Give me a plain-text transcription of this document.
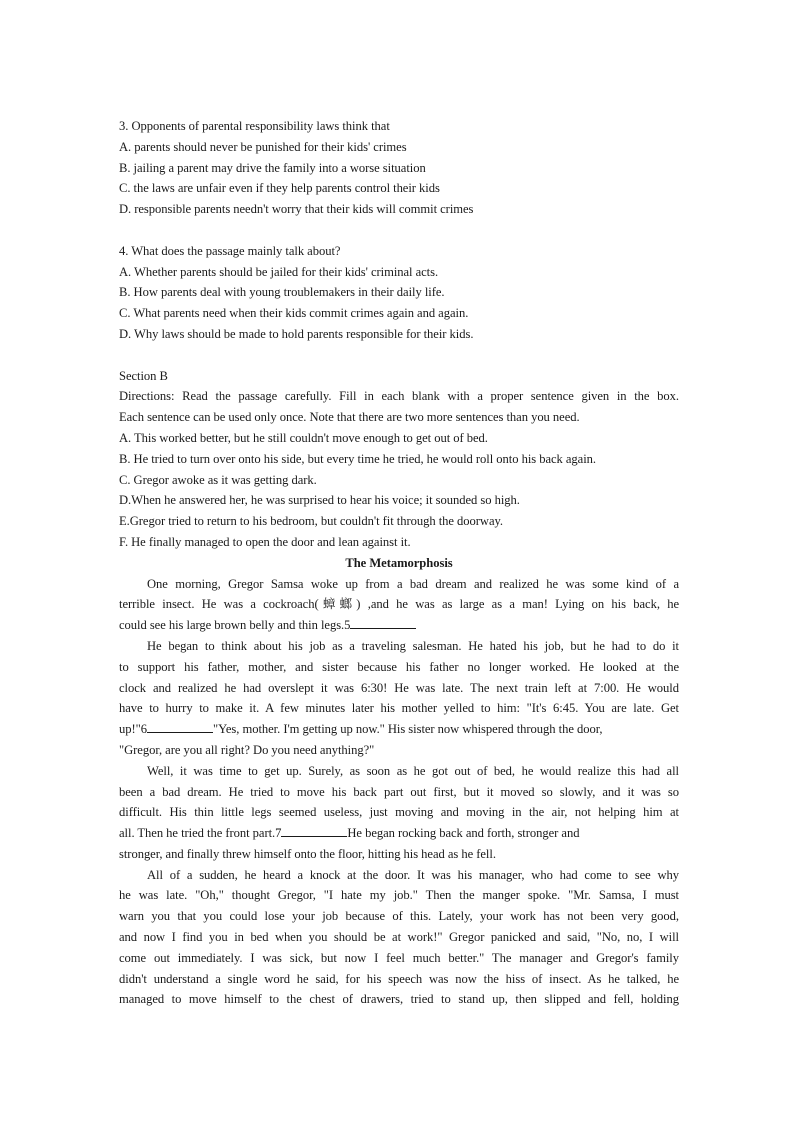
3. Opponents of parental responsibility laws think that
A. parents should never be punished for their kids' crimes
B. jailing a parent may drive the family into a worse situation
C. the laws are unfair even if they help parents control their kids
D. responsible parents needn't worry that their kids will commit crimes
4. What does the passage mainly talk about?
A. Whether parents should be jailed for their kids' criminal acts.
B. How parents deal with young troublemakers in their daily life.
C. What parents need when their kids commit crimes again and again.
D. Why laws should be made to hold parents responsible for their kids.
Section B
Directions: Read the passage carefully. Fill in each blank with a proper sentence given in the box.
Each sentence can be used only once. Note that there are two more sentences than you need.
A. This worked better, but he still couldn't move enough to get out of bed.
B. He tried to turn over onto his side, but every time he tried, he would roll onto his back again.
C. Gregor awoke as it was getting dark.
D.When he answered her, he was surprised to hear his voice; it sounded so high.
E.Gregor tried to return to his bedroom, but couldn't fit through the doorway.
F. He finally managed to open the door and lean against it.
The Metamorphosis
One morning, Gregor Samsa woke up from a bad dream and realized he was some kind of a
terrible insect. He was a cockroach(蟑螂) ,and he was as large as a man! Lying on his back, he
could see his large brown belly and thin legs.5
He began to think about his job as a traveling salesman. He hated his job, but he had to do it
to support his father, mother, and sister because his father no longer worked. He looked at the
clock and realized he had overslept it was 6:30! He was late. The next train left at 7:00. He would
have to hurry to make it. A few minutes later his mother yelled to him: "It's 6:45. You are late. Get
up!"6	"Yes, mother. I'm getting up now." His sister now whispered through the door,
"Gregor, are you all right? Do you need anything?"
Well, it was time to get up. Surely, as soon as he got out of bed, he would realize this had all
been a bad dream. He tried to move his back part out first, but it moved so slowly, and it was so
difficult. His thin little legs seemed useless, just moving and moving in the air, not helping him at
all. Then he tried the front part.7	He began rocking back and forth, stronger and
stronger, and finally threw himself onto the floor, hitting his head as he fell.
All of a sudden, he heard a knock at the door. It was his manager, who had come to see why
he was late. "Oh," thought Gregor, "I hate my job." Then the manger spoke. "Mr. Samsa, I must
warn you that you could lose your job because of this. Lately, your work has not been very good,
and now I find you in bed when you should be at work!" Gregor panicked and said, "No, no, I will
come out immediately. I was sick, but now I feel much better." The manager and Gregor's family
didn't understand a single word he said, for his speech was now the hiss of insect. As he talked, he
managed to move himself to the chest of drawers, tried to stand up, then slipped and fell, holding
